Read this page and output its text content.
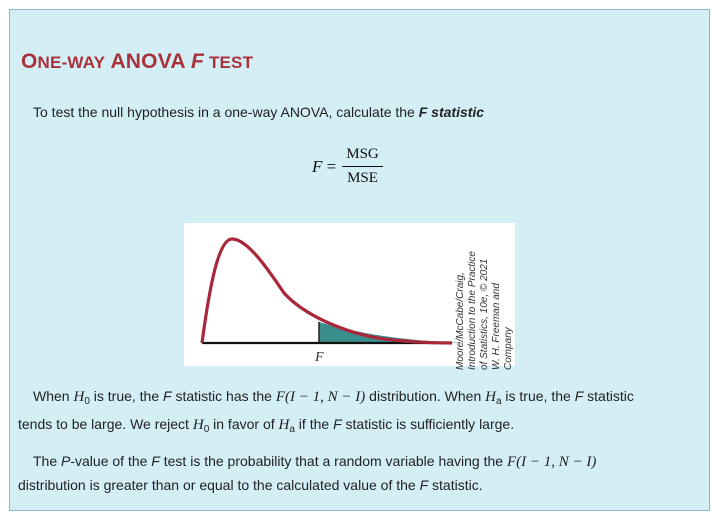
ONE-WAY ANOVA F TEST
To test the null hypothesis in a one-way ANOVA, calculate the F statistic
F
= $\frac{\text{MSG}}{\text{MSE}}$
F	Moore/McCabe/Craig, Introduction to the Practice of Statistics, 10e, © 2021 W. H. Freeman and Company
When $H_0$ is true, the F statistic has the F(I − 1, N − I) distribution. When $H_a$ is true, the F statistic
tends to be large. We reject $H_0$ in favor of $H_a$ if the F statistic is sufficiently large.
The P-value of the F test is the probability that a random variable having the F(I − 1, N − I)
distribution is greater than or equal to the calculated value of the F statistic.
